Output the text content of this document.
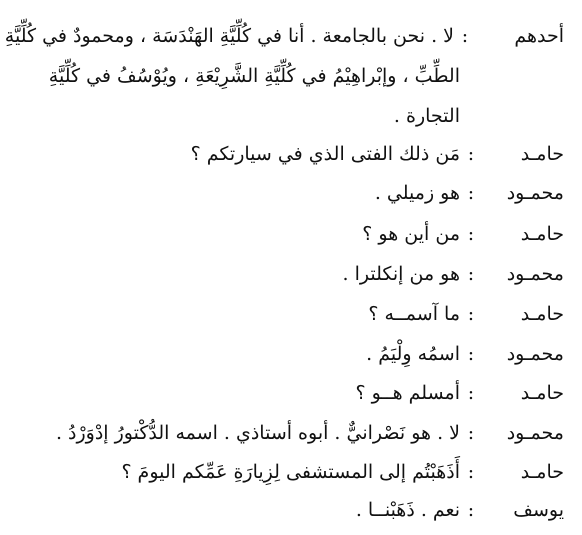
أحدهم:لا . نحن بالجامعة . أنا في كُلِّيَّةِ الهَنْدَسَة ، ومحمودٌ في كُلِّيَّةِ
الطِّبِّ ، وإبْراهِيْمُ في كُلِّيَّةِ الشَّرِيْعَةِ ، ويُوْسُفُ في كُلِّيَّةِ
التجارة .
حامـد:مَن ذلك الفتى الذي في سيارتكم ؟
محمـود:هو زميلي .
حامـد:من أين هو ؟
محمـود:هو من إنكلترا .
حامـد:ما آسمــه ؟
محمـود:اسمُه وِلْيَمُ .
حامـد:أمسلم هــو ؟
محمـود:لا . هو نَصْرانيٌّ . أبوه أستاذي . اسمه الدُّكْتورُ إدْوَرْدُ .
حامـد:أَذَهَبْتُم إلى المستشفى لِزِيارَةِ عَمِّكم اليومَ ؟
يوسف:نعم . ذَهَبْنــا .
